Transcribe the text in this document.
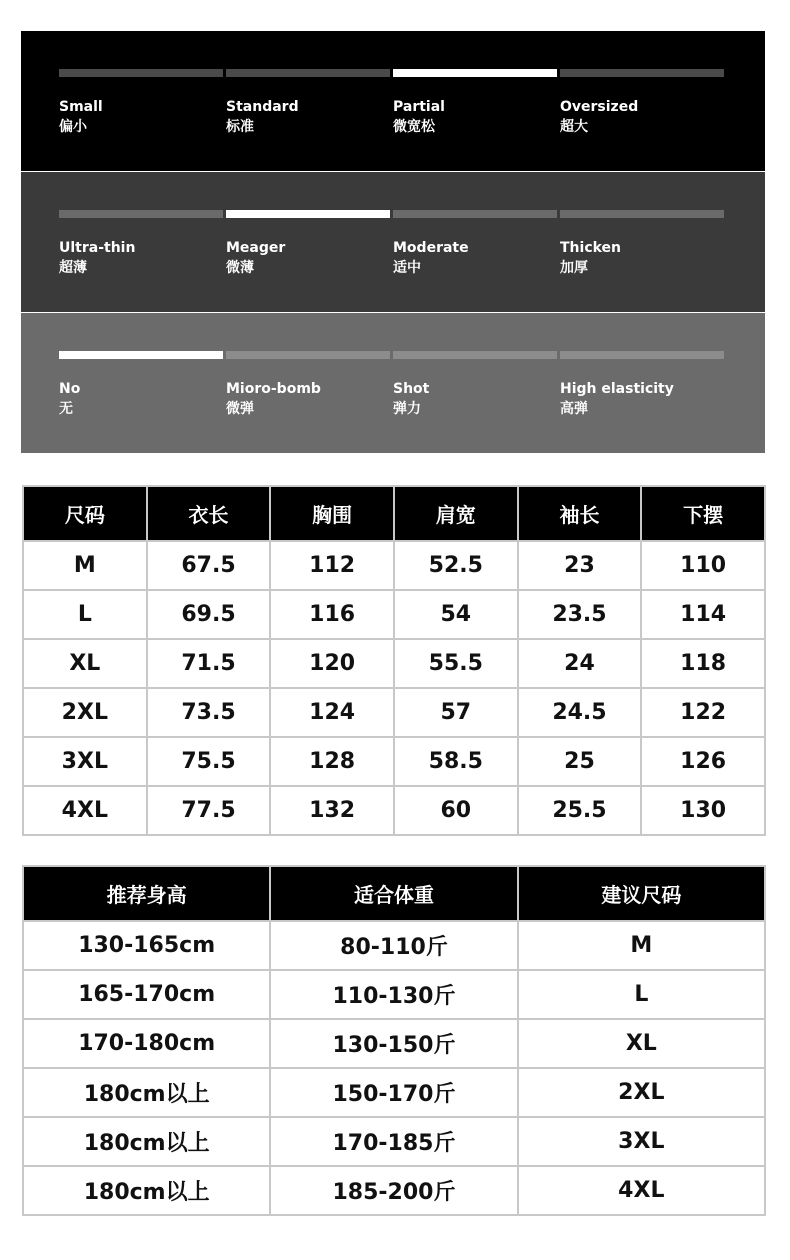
Small
偏小
Standard
标准
Partial
微宽松
Oversized
超大
Ultra-thin
超薄
Meager
微薄
Moderate
适中
Thicken
加厚
No
无
Mioro-bomb
微弹
Shot
弹力
High elasticity
高弹
尺码	衣长	胸围	肩宽	袖长	下摆
M	67.5	112	52.5	23	110
L	69.5	116	54	23.5	114
XL	71.5	120	55.5	24	118
2XL	73.5	124	57	24.5	122
3XL	75.5	128	58.5	25	126
4XL	77.5	132	60	25.5	130
推荐身高	适合体重	建议尺码
130-165cm	80-110斤	M
165-170cm	110-130斤	L
170-180cm	130-150斤	XL
180cm以上	150-170斤	2XL
180cm以上	170-185斤	3XL
180cm以上	185-200斤	4XL
